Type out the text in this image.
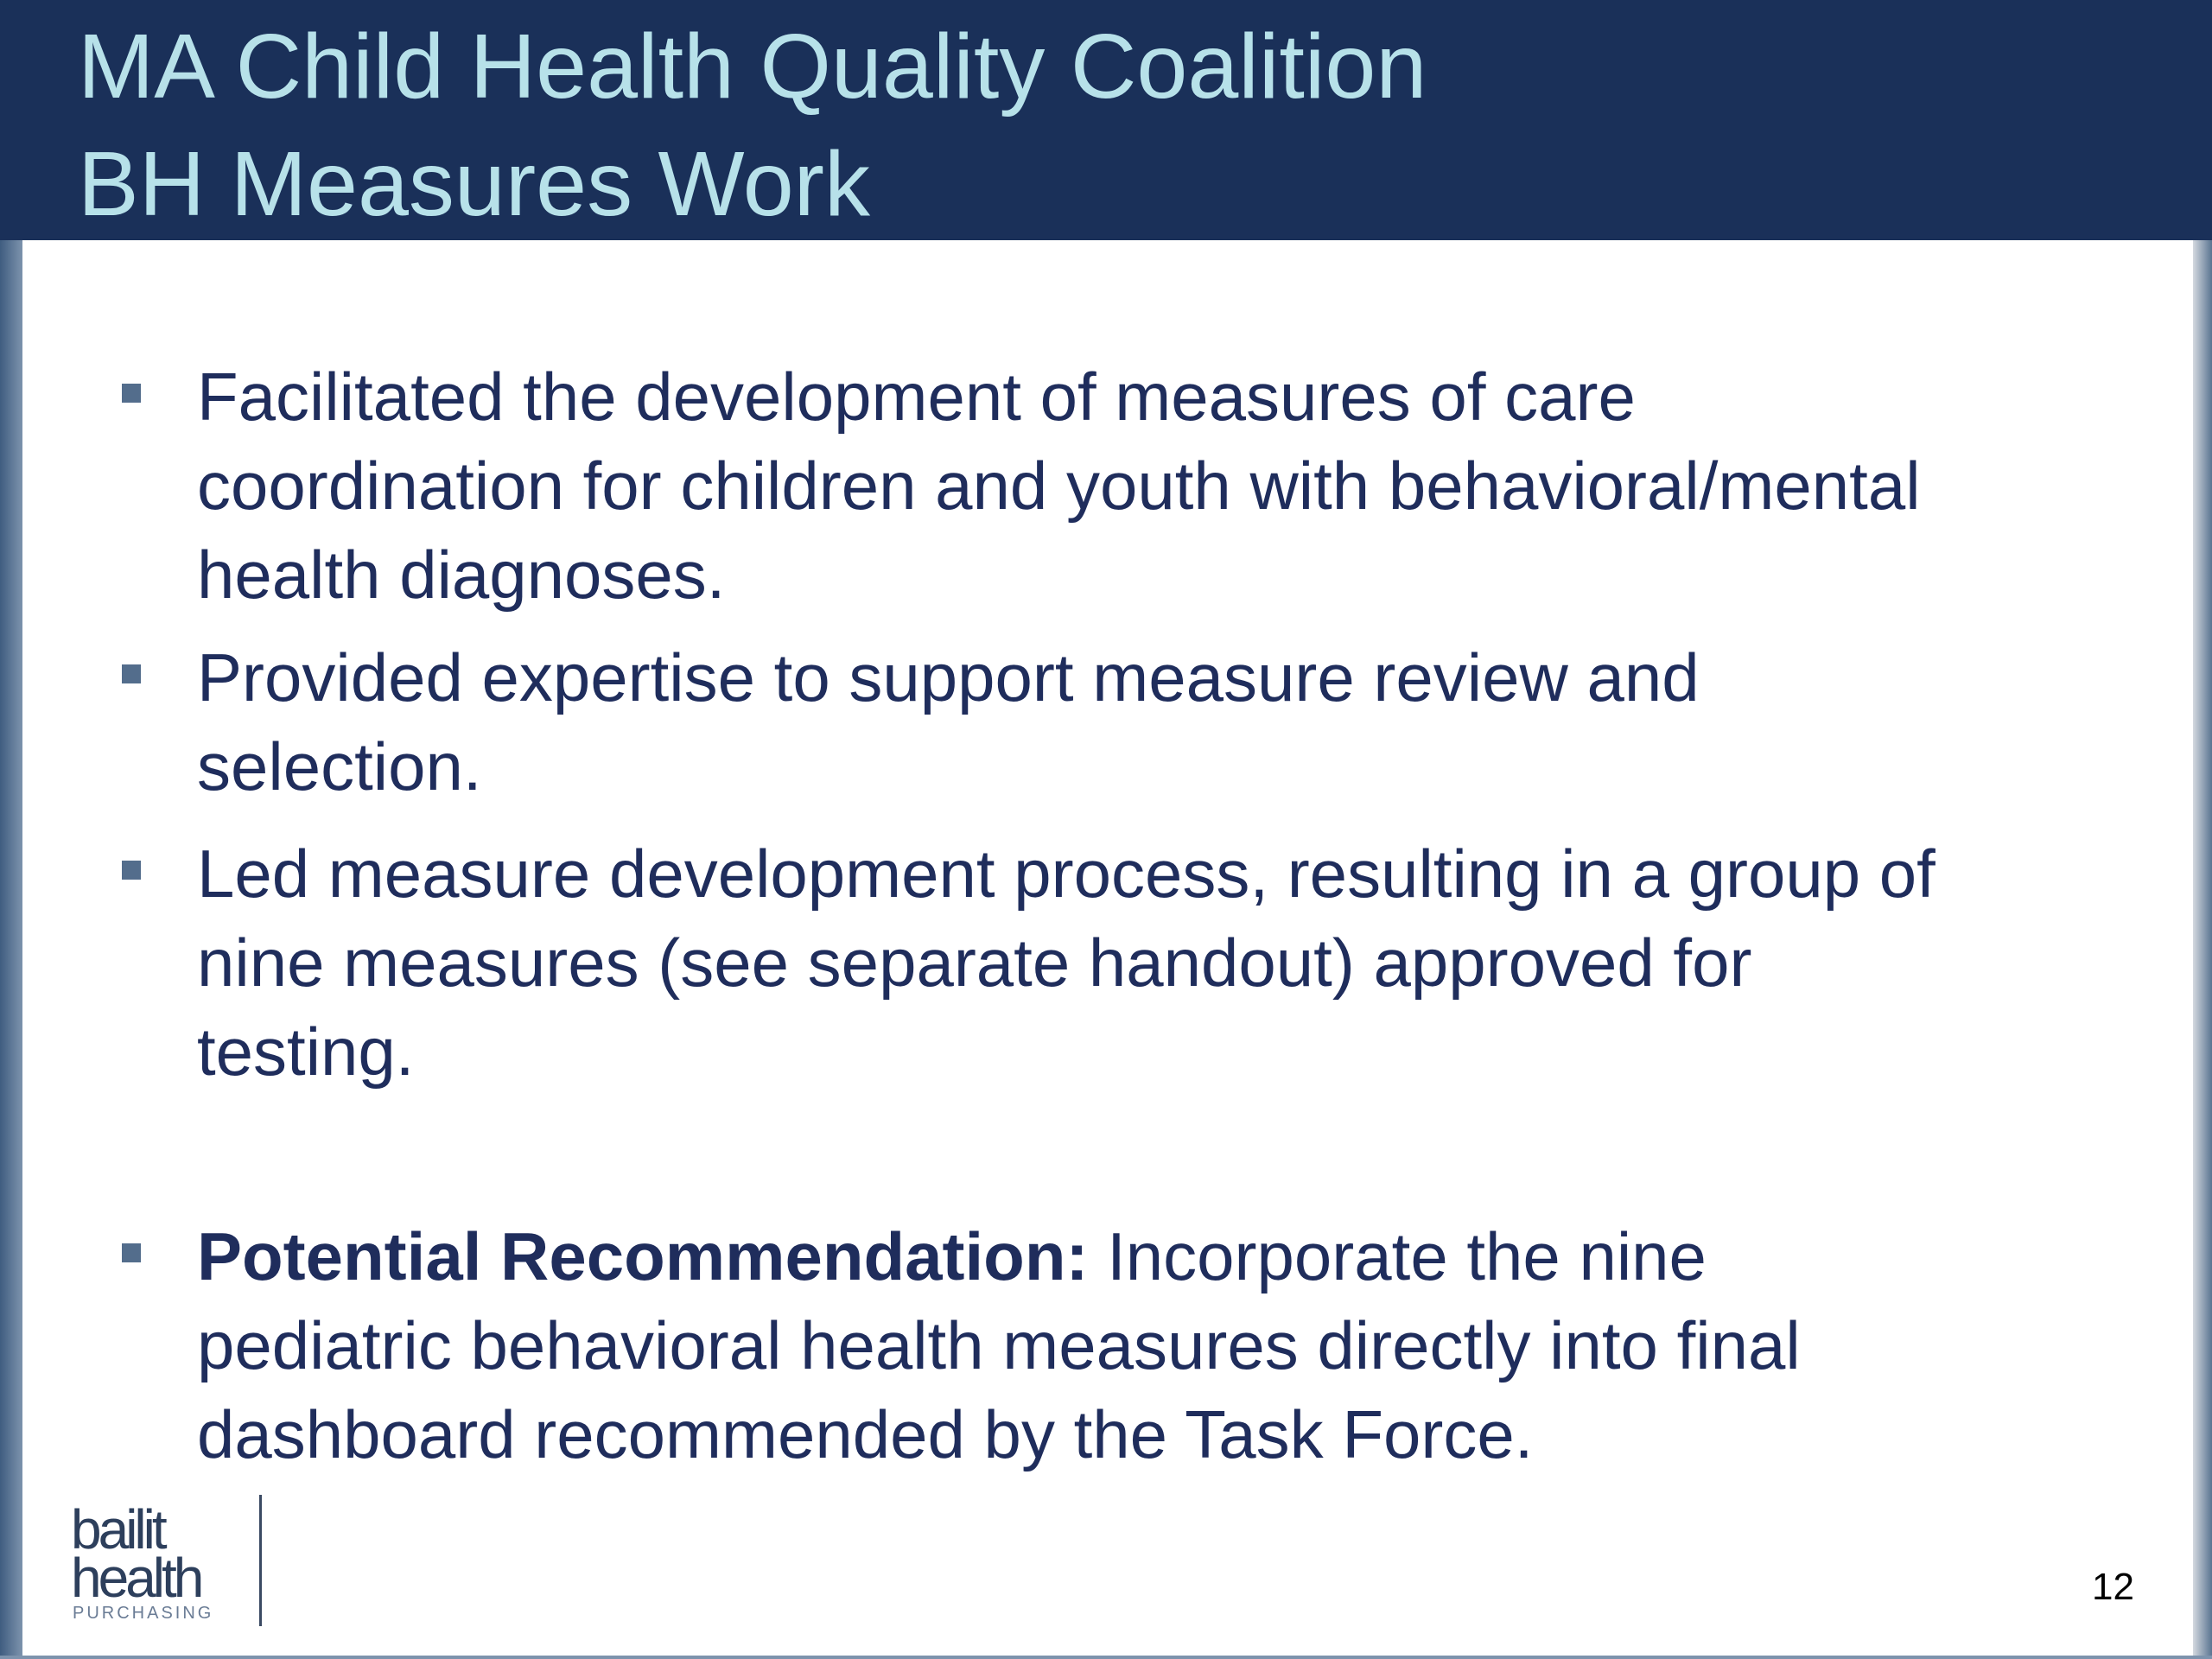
MA Child Health Quality Coalition
BH Measures Work
Facilitated the development of measures of care coordination for children and youth with behavioral/mental health diagnoses.
Provided expertise to support measure review and selection.
Led measure development process, resulting in a group of nine measures (see separate handout) approved for testing.
Potential Recommendation: Incorporate the nine pediatric behavioral health measures directly into final dashboard recommended by the Task Force.
bailit
health
PURCHASING
12
